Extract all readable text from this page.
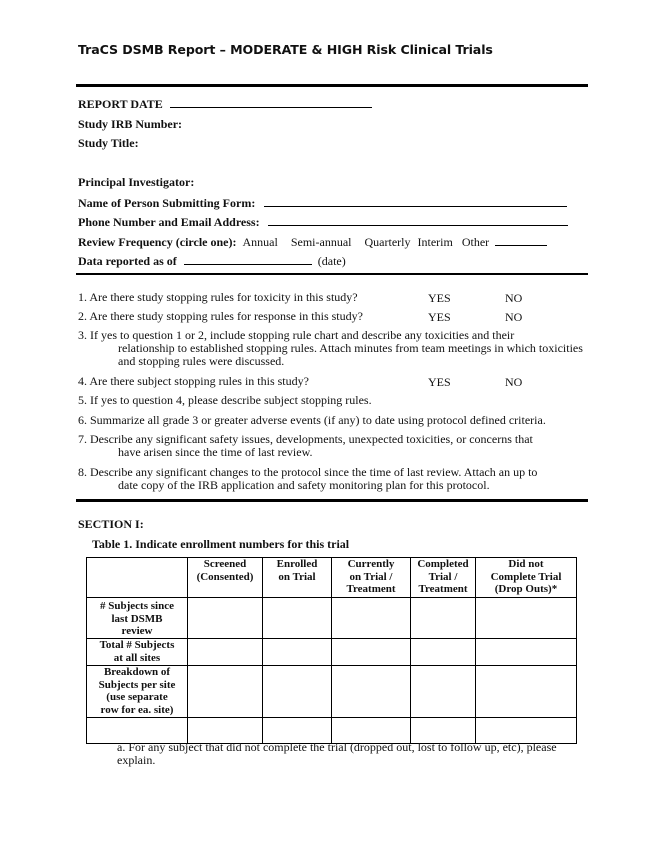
TraCS DSMB Report – MODERATE & HIGH Risk Clinical Trials
REPORT DATE
Study IRB Number:
Study Title:
Principal Investigator:
Name of Person Submitting Form:
Phone Number and Email Address:
Review Frequency (circle one): Annual Semi-annual Quarterly Interim Other
Data reported as of	(date)
1. Are there study stopping rules for toxicity in this study?	YES	NO
2. Are there study stopping rules for response in this study?	YES	NO
3. If yes to question 1 or 2, include stopping rule chart and describe any toxicities and their
relationship to established stopping rules. Attach minutes from team meetings in which toxicities and stopping rules were discussed.
4. Are there subject stopping rules in this study?	YES	NO
5. If yes to question 4, please describe subject stopping rules.
6. Summarize all grade 3 or greater adverse events (if any) to date using protocol defined criteria.
7. Describe any significant safety issues, developments, unexpected toxicities, or concerns that
have arisen since the time of last review.
8. Describe any significant changes to the protocol since the time of last review. Attach an up to
date copy of the IRB application and safety monitoring plan for this protocol.
SECTION I:
Table 1. Indicate enrollment numbers for this trial

	Screened (Consented)	Enrolled on Trial	Currently on Trial / Treatment	Completed Trial / Treatment	Did not Complete Trial (Drop Outs)*

# Subjects since last DSMB review					

Total # Subjects at all sites					

Breakdown of Subjects per site (use separate row for ea. site)					

a. For any subject that did not complete the trial (dropped out, lost to follow up, etc), please explain.
